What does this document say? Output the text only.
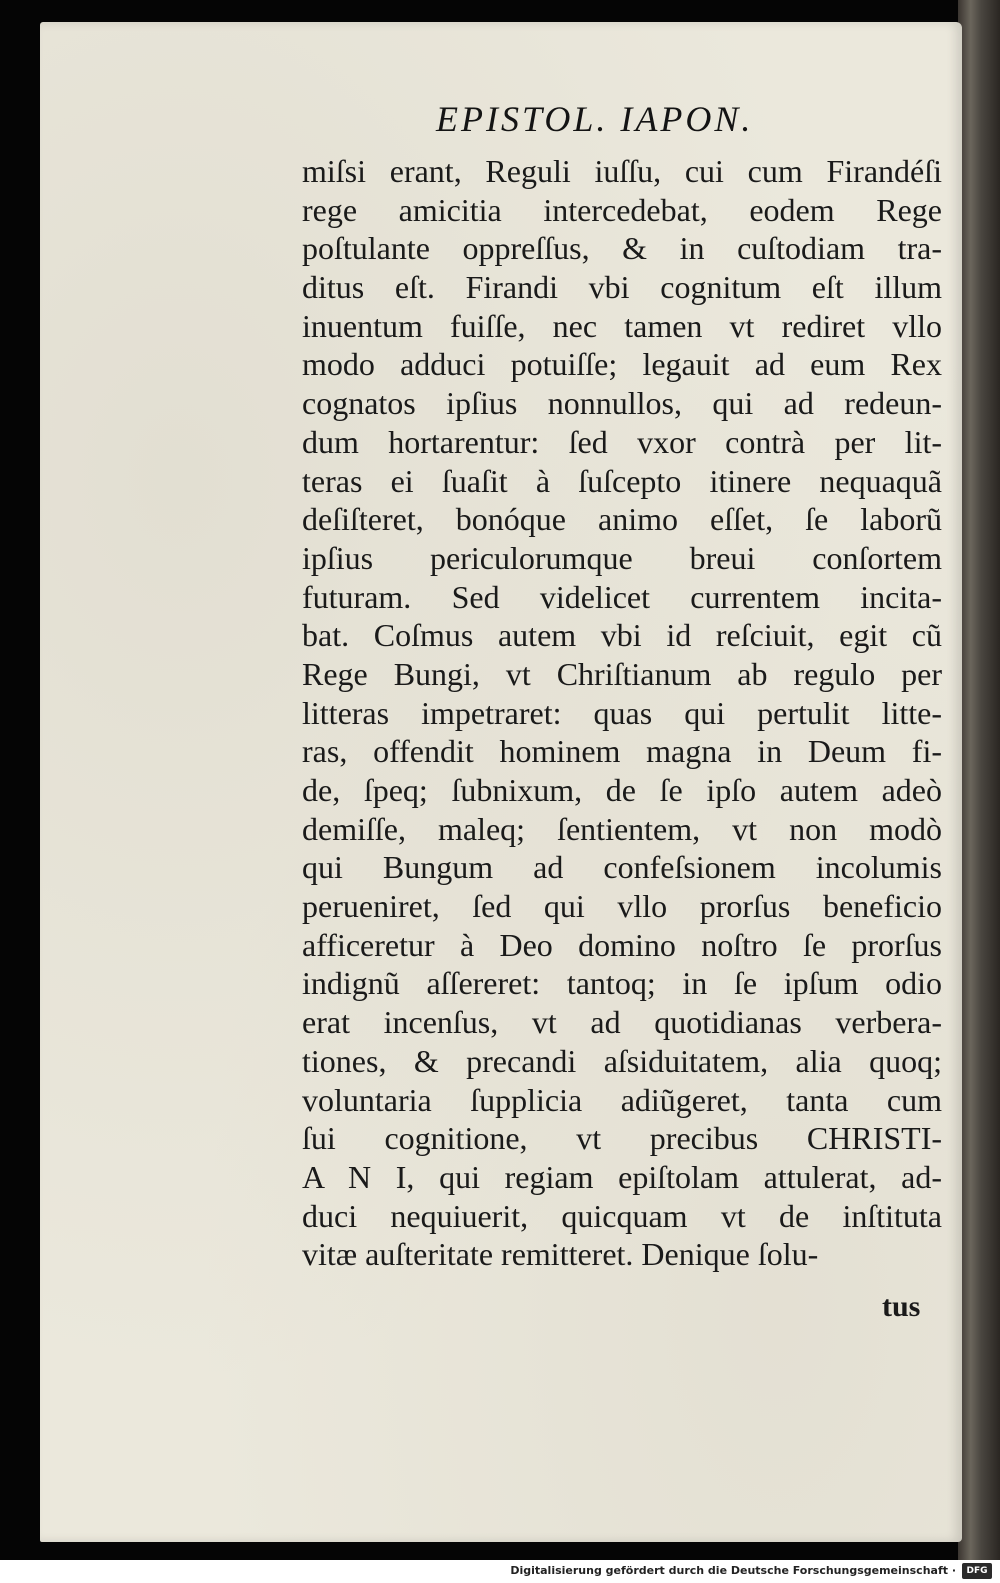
EPISTOL. IAPON.
miſsi erant, Reguli iuſſu, cui cum Firandéſi
rege amicitia intercedebat, eodem Rege
poſtulante oppreſſus, & in cuſtodiam tra-
ditus eſt. Firandi vbi cognitum eſt illum
inuentum fuiſſe, nec tamen vt rediret vllo
modo adduci potuiſſe; legauit ad eum Rex
cognatos ipſius nonnullos, qui ad redeun-
dum hortarentur: ſed vxor contrà per lit-
teras ei ſuaſit à ſuſcepto itinere nequaquã
deſiſteret, bonóque animo eſſet, ſe laborũ
ipſius periculorumque breui conſortem
futuram. Sed videlicet currentem incita-
bat. Coſmus autem vbi id reſciuit, egit cũ
Rege Bungi, vt Chriſtianum ab regulo per
litteras impetraret: quas qui pertulit litte-
ras, offendit hominem magna in Deum fi-
de, ſpeq; ſubnixum, de ſe ipſo autem adeò
demiſſe, maleq; ſentientem, vt non modò
qui Bungum ad confeſsionem incolumis
perueniret, ſed qui vllo prorſus beneficio
afficeretur à Deo domino noſtro ſe prorſus
indignũ aſſereret: tantoq; in ſe ipſum odio
erat incenſus, vt ad quotidianas verbera-
tiones, & precandi aſsiduitatem, alia quoq;
voluntaria ſupplicia adiũgeret, tanta cum
ſui cognitione, vt precibus CHRISTI-
A N I, qui regiam epiſtolam attulerat, ad-
duci nequiuerit, quicquam vt de inſtituta
vitæ auſteritate remitteret. Denique ſolu-
tus
Digitalisierung gefördert durch die Deutsche Forschungsgemeinschaft ·	DFG
